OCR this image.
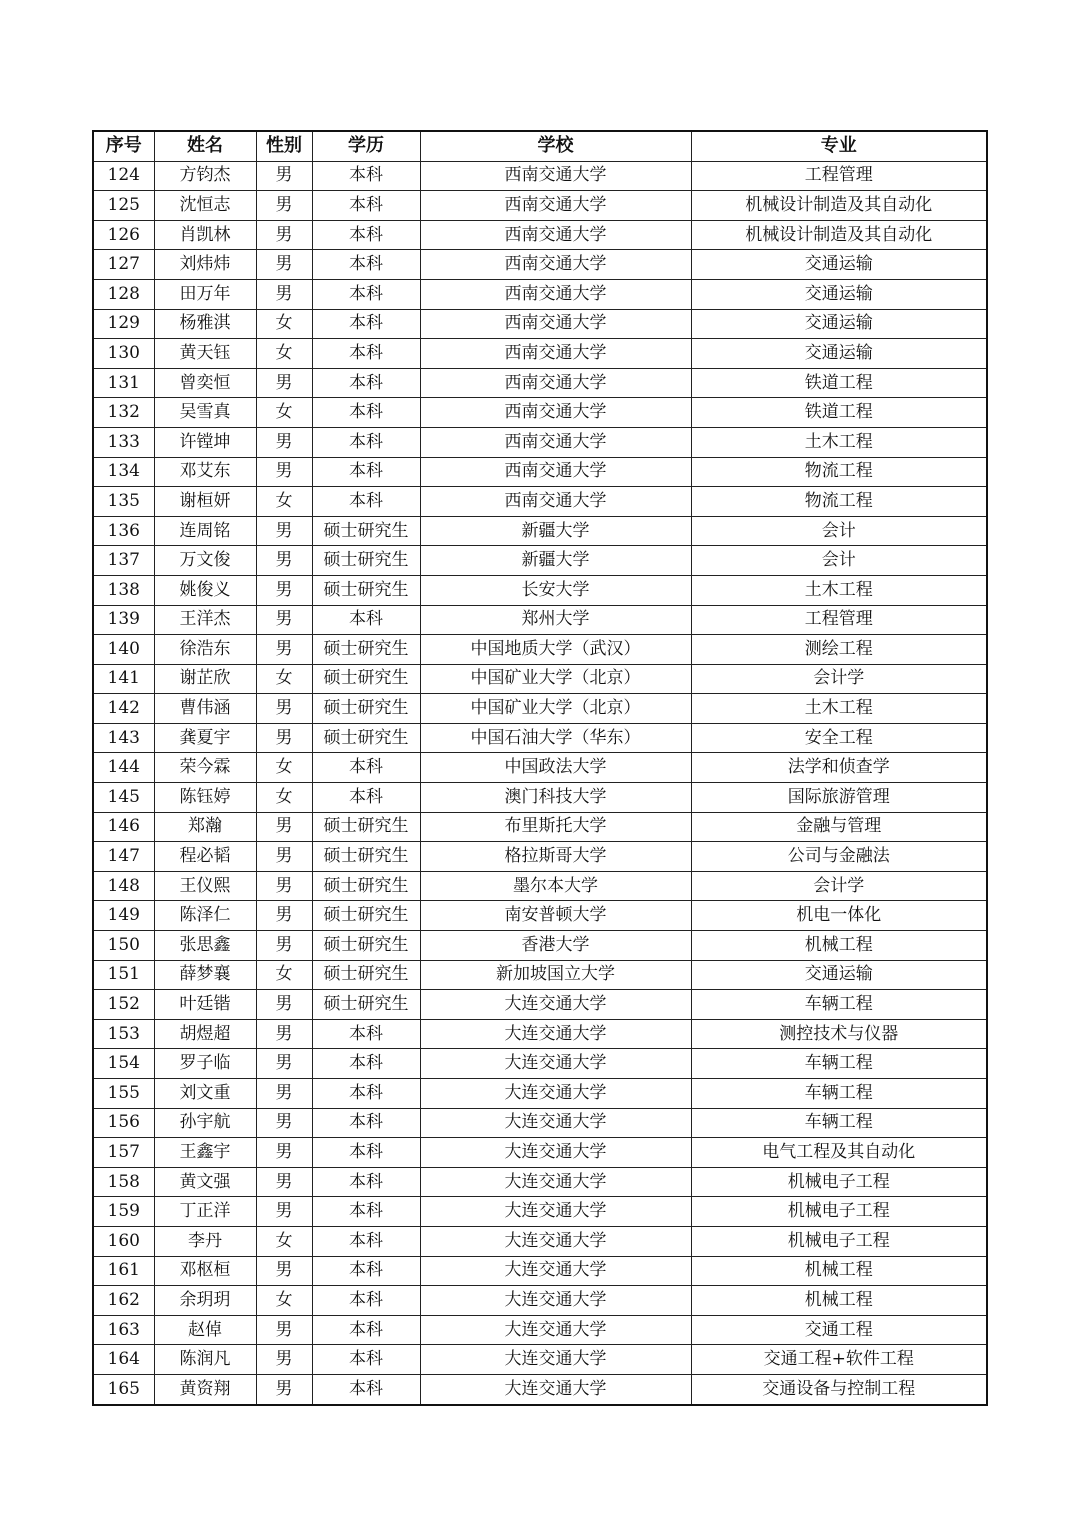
序号	姓名	性别	学历	学校	专业
124	方钧杰	男	本科	西南交通大学	工程管理
125	沈恒志	男	本科	西南交通大学	机械设计制造及其自动化
126	肖凯林	男	本科	西南交通大学	机械设计制造及其自动化
127	刘炜炜	男	本科	西南交通大学	交通运输
128	田万年	男	本科	西南交通大学	交通运输
129	杨雅淇	女	本科	西南交通大学	交通运输
130	黄天钰	女	本科	西南交通大学	交通运输
131	曾奕恒	男	本科	西南交通大学	铁道工程
132	吴雪真	女	本科	西南交通大学	铁道工程
133	许镗坤	男	本科	西南交通大学	土木工程
134	邓艾东	男	本科	西南交通大学	物流工程
135	谢桓妍	女	本科	西南交通大学	物流工程
136	连周铭	男	硕士研究生	新疆大学	会计
137	万文俊	男	硕士研究生	新疆大学	会计
138	姚俊义	男	硕士研究生	长安大学	土木工程
139	王洋杰	男	本科	郑州大学	工程管理
140	徐浩东	男	硕士研究生	中国地质大学（武汉）	测绘工程
141	谢芷欣	女	硕士研究生	中国矿业大学（北京）	会计学
142	曹伟涵	男	硕士研究生	中国矿业大学（北京）	土木工程
143	龚夏宇	男	硕士研究生	中国石油大学（华东）	安全工程
144	荣今霖	女	本科	中国政法大学	法学和侦查学
145	陈钰婷	女	本科	澳门科技大学	国际旅游管理
146	郑瀚	男	硕士研究生	布里斯托大学	金融与管理
147	程必韬	男	硕士研究生	格拉斯哥大学	公司与金融法
148	王仪熙	男	硕士研究生	墨尔本大学	会计学
149	陈泽仁	男	硕士研究生	南安普顿大学	机电一体化
150	张思鑫	男	硕士研究生	香港大学	机械工程
151	薛梦襄	女	硕士研究生	新加坡国立大学	交通运输
152	叶廷锴	男	硕士研究生	大连交通大学	车辆工程
153	胡煜超	男	本科	大连交通大学	测控技术与仪器
154	罗子临	男	本科	大连交通大学	车辆工程
155	刘文重	男	本科	大连交通大学	车辆工程
156	孙宇航	男	本科	大连交通大学	车辆工程
157	王鑫宇	男	本科	大连交通大学	电气工程及其自动化
158	黄文强	男	本科	大连交通大学	机械电子工程
159	丁正洋	男	本科	大连交通大学	机械电子工程
160	李丹	女	本科	大连交通大学	机械电子工程
161	邓枢桓	男	本科	大连交通大学	机械工程
162	余玥玥	女	本科	大连交通大学	机械工程
163	赵倬	男	本科	大连交通大学	交通工程
164	陈润凡	男	本科	大连交通大学	交通工程+软件工程
165	黄资翔	男	本科	大连交通大学	交通设备与控制工程
